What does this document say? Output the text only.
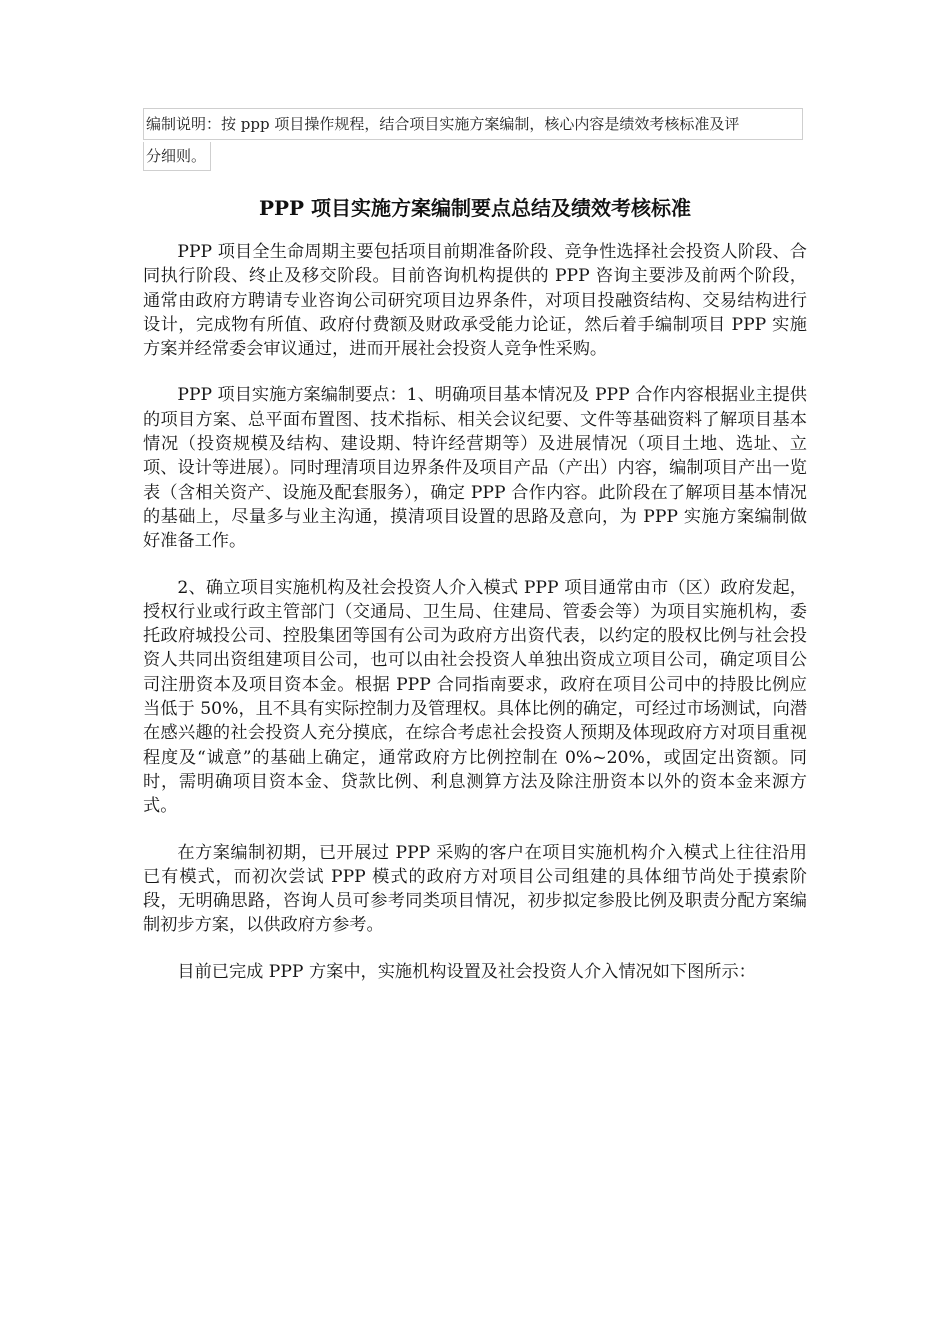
编制说明：按 ppp 项目操作规程，结合项目实施方案编制，核心内容是绩效考核标准及评
分细则。
PPP 项目实施方案编制要点总结及绩效考核标准

PPP 项目全生命周期主要包括项目前期准备阶段、竞争性选择社会投资人阶段、合同执行阶段、终止及移交阶段。目前咨询机构提供的 PPP 咨询主要涉及前两个阶段，通常由政府方聘请专业咨询公司研究项目边界条件，对项目投融资结构、交易结构进行设计，完成物有所值、政府付费额及财政承受能力论证，然后着手编制项目 PPP 实施方案并经常委会审议通过，进而开展社会投资人竞争性采购。

PPP 项目实施方案编制要点：1、明确项目基本情况及 PPP 合作内容根据业主提供的项目方案、总平面布置图、技术指标、相关会议纪要、文件等基础资料了解项目基本情况（投资规模及结构、建设期、特许经营期等）及进展情况（项目土地、选址、立项、设计等进展）。同时理清项目边界条件及项目产品（产出）内容，编制项目产出一览表（含相关资产、设施及配套服务），确定 PPP 合作内容。此阶段在了解项目基本情况的基础上，尽量多与业主沟通，摸清项目设置的思路及意向，为 PPP 实施方案编制做好准备工作。

2、确立项目实施机构及社会投资人介入模式 PPP 项目通常由市（区）政府发起，授权行业或行政主管部门（交通局、卫生局、住建局、管委会等）为项目实施机构，委托政府城投公司、控股集团等国有公司为政府方出资代表，以约定的股权比例与社会投资人共同出资组建项目公司，也可以由社会投资人单独出资成立项目公司，确定项目公司注册资本及项目资本金。根据 PPP 合同指南要求，政府在项目公司中的持股比例应当低于 50%，且不具有实际控制力及管理权。具体比例的确定，可经过市场测试，向潜在感兴趣的社会投资人充分摸底，在综合考虑社会投资人预期及体现政府方对项目重视程度及“诚意”的基础上确定，通常政府方比例控制在 0%~20%，或固定出资额。同时，需明确项目资本金、贷款比例、利息测算方法及除注册资本以外的资本金来源方式。

在方案编制初期，已开展过 PPP 采购的客户在项目实施机构介入模式上往往沿用已有模式，而初次尝试 PPP 模式的政府方对项目公司组建的具体细节尚处于摸索阶段，无明确思路，咨询人员可参考同类项目情况，初步拟定参股比例及职责分配方案编制初步方案，以供政府方参考。

目前已完成 PPP 方案中，实施机构设置及社会投资人介入情况如下图所示：
